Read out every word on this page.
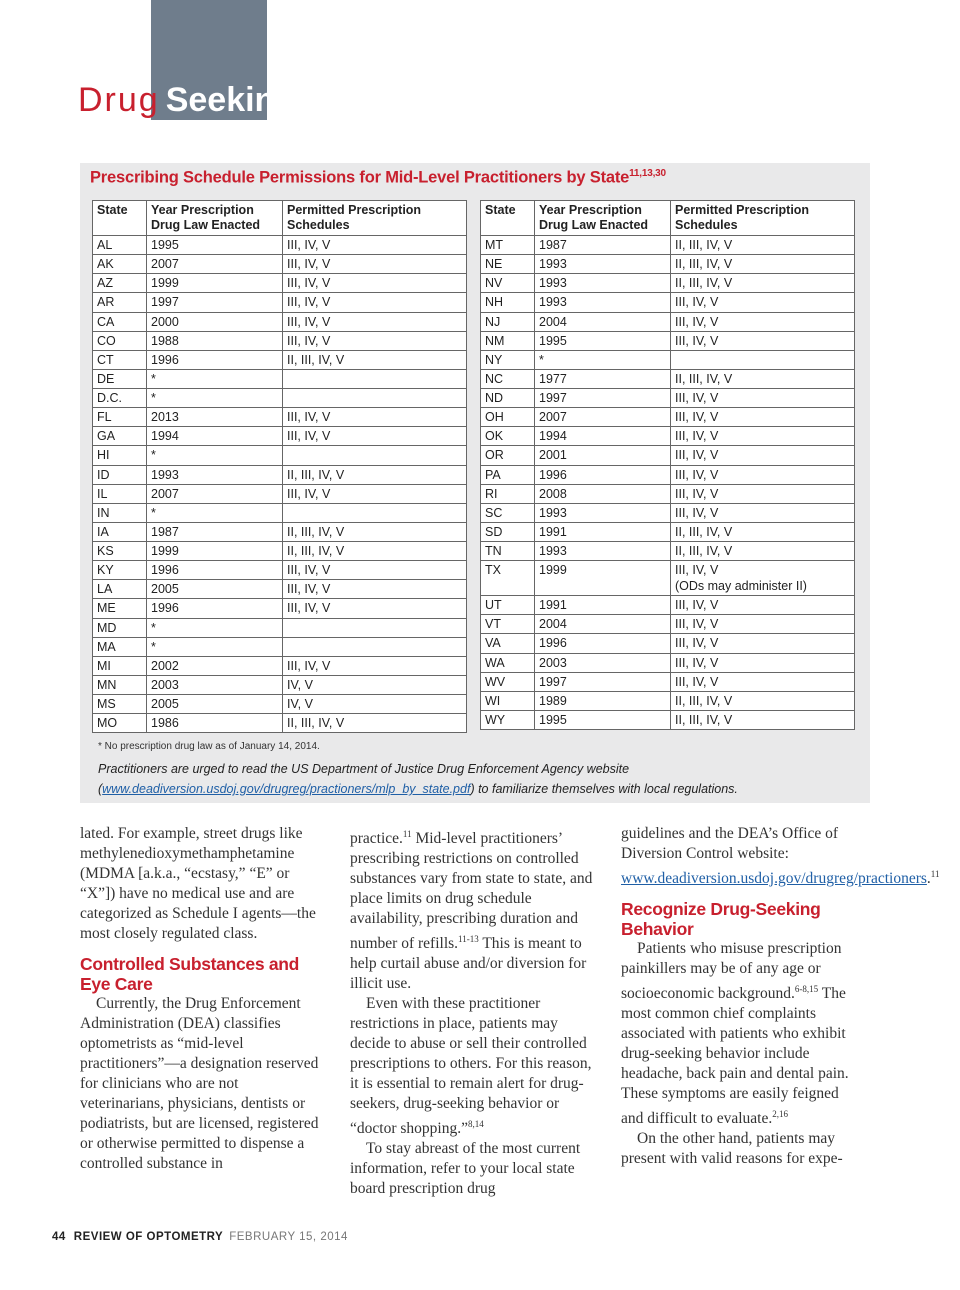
Drug Seeking
Prescribing Schedule Permissions for Mid-Level Practitioners by State$^{11,13,30}$
State	Year Prescription Drug Law Enacted	Permitted Prescription Schedules
AL	1995	III, IV, V
AK	2007	III, IV, V
AZ	1999	III, IV, V
AR	1997	III, IV, V
CA	2000	III, IV, V
CO	1988	III, IV, V
CT	1996	II, III, IV, V
DE	*	
D.C.	*	
FL	2013	III, IV, V
GA	1994	III, IV, V
HI	*	
ID	1993	II, III, IV, V
IL	2007	III, IV, V
IN	*	
IA	1987	II, III, IV, V
KS	1999	II, III, IV, V
KY	1996	III, IV, V
LA	2005	III, IV, V
ME	1996	III, IV, V
MD	*	
MA	*	
MI	2002	III, IV, V
MN	2003	IV, V
MS	2005	IV, V
MO	1986	II, III, IV, V
State	Year Prescription Drug Law Enacted	Permitted Prescription Schedules
MT	1987	II, III, IV, V
NE	1993	II, III, IV, V
NV	1993	II, III, IV, V
NH	1993	III, IV, V
NJ	2004	III, IV, V
NM	1995	III, IV, V
NY	*	
NC	1977	II, III, IV, V
ND	1997	III, IV, V
OH	2007	III, IV, V
OK	1994	III, IV, V
OR	2001	III, IV, V
PA	1996	III, IV, V
RI	2008	III, IV, V
SC	1993	III, IV, V
SD	1991	II, III, IV, V
TN	1993	II, III, IV, V
TX	1999	III, IV, V
(ODs may administer II)

UT	1991	III, IV, V
VT	2004	III, IV, V
VA	1996	III, IV, V
WA	2003	III, IV, V
WV	1997	III, IV, V
WI	1989	II, III, IV, V
WY	1995	II, III, IV, V
* No prescription drug law as of January 14, 2014.
Practitioners are urged to read the US Department of Justice Drug Enforcement Agency website (www.deadiversion.usdoj.gov/drugreg/practioners/mlp_by_state.pdf) to familiarize themselves with local regulations.

lated. For example, street drugs like methylenedioxymethamphetamine (MDMA [a.k.a., “ecstasy,” “E” or “X”]) have no medical use and are categorized as Schedule I agents—the most closely regulated class.

Controlled Substances and Eye Care

Currently, the Drug Enforcement Administration (DEA) classifies optometrists as “mid-level practitioners”—a designation reserved for clinicians who are not veterinarians, physicians, dentists or podiatrists, but are licensed, registered or otherwise permitted to dispense a controlled substance in

practice.$^{11}$ Mid-level practitioners’ prescribing restrictions on controlled substances vary from state to state, and place limits on drug schedule availability, prescribing duration and number of refills.$^{11-13}$ This is meant to help curtail abuse and/or diversion for illicit use.

Even with these practitioner restrictions in place, patients may decide to abuse or sell their controlled prescriptions to others. For this reason, it is essential to remain alert for drug-seekers, drug-seeking behavior or “doctor shopping.”$^{8,14}$

To stay abreast of the most current information, refer to your local state board prescription drug

guidelines and the DEA’s Office of Diversion Control website: www.deadiversion.usdoj.gov/drugreg/practioners.$^{11}$

Recognize Drug-Seeking Behavior

Patients who misuse prescription painkillers may be of any age or socioeconomic background.$^{6-8,15}$ The most common chief complaints associated with patients who exhibit drug-seeking behavior include headache, back pain and dental pain. These symptoms are easily feigned and difficult to evaluate.$^{2,16}$

On the other hand, patients may present with valid reasons for expe-

44 REVIEW OF OPTOMETRY FEBRUARY 15, 2014
